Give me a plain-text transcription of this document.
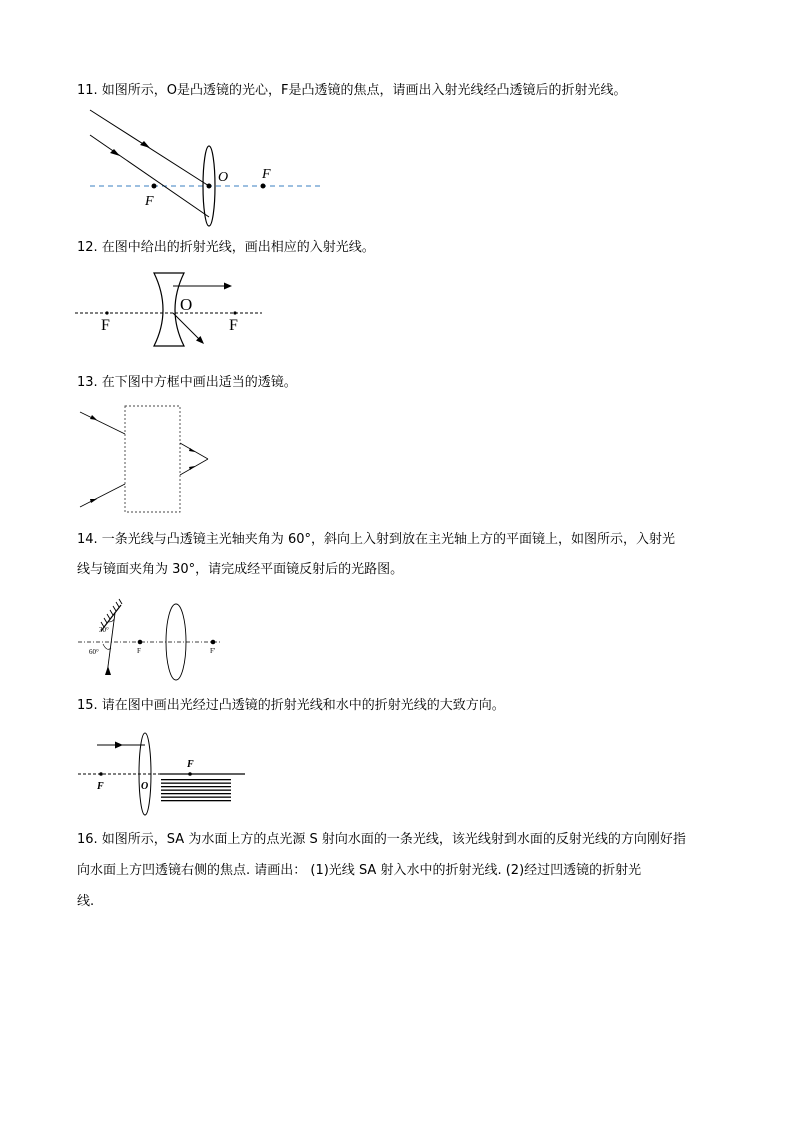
11. 如图所示，O是凸透镜的光心，F是凸透镜的焦点，请画出入射光线经凸透镜后的折射光线。
O F
F
12. 在图中给出的折射光线，画出相应的入射光线。
O
F	F
13. 在下图中方框中画出适当的透镜。
14. 一条光线与凸透镜主光轴夹角为 60°，斜向上入射到放在主光轴上方的平面镜上，如图所示，入射光
线与镜面夹角为 30°，请完成经平面镜反射后的光路图。
30°
60°	F	F'
15. 请在图中画出光经过凸透镜的折射光线和水中的折射光线的大致方向。
F	O
F
16. 如图所示，SA 为水面上方的点光源 S 射向水面的一条光线，该光线射到水面的反射光线的方向刚好指
向水面上方凹透镜右侧的焦点. 请画出： (1)光线 SA 射入水中的折射光线. (2)经过凹透镜的折射光
线.
